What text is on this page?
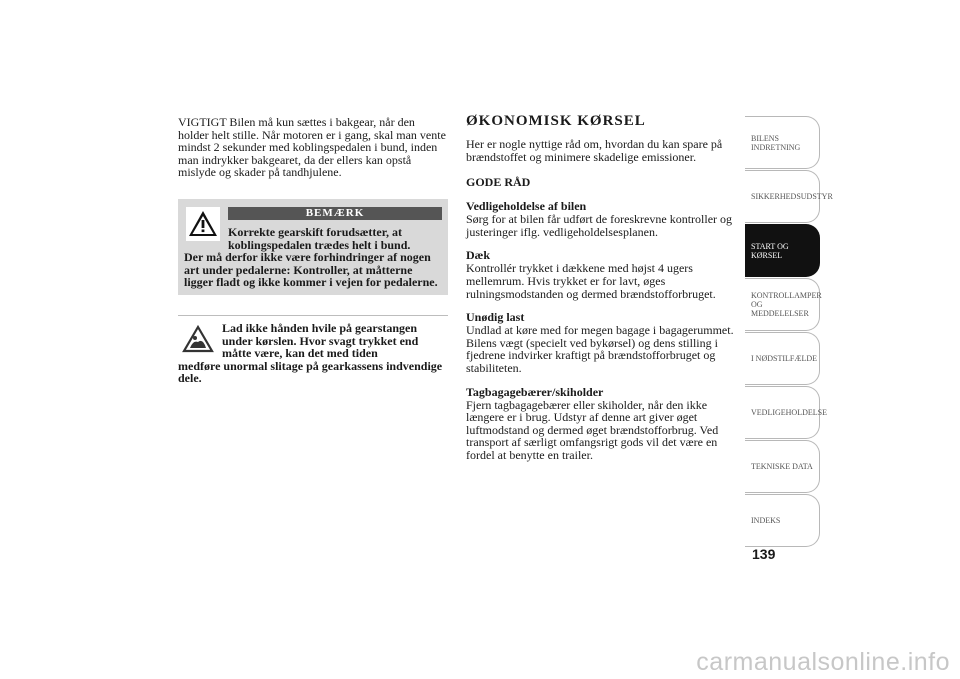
VIGTIGT Bilen må kun sættes i bakgear, når den holder helt stille. Når motoren er i gang, skal man vente mindst 2 sekunder med koblingspedalen i bund, inden man indrykker bakgearet, da der ellers kan opstå mislyde og skader på tandhjulene.

BEMÆRK
Korrekte gearskift forudsætter, at koblingspedalen trædes helt i bund.
Der må derfor ikke være forhindringer af nogen art under pedalerne: Kontroller, at måtterne ligger fladt og ikke kommer i vejen for pedalerne.
Lad ikke hånden hvile på gearstangen under kørslen. Hvor svagt trykket end måtte være, kan det med tiden
medføre unormal slitage på gearkassens indvendige dele.
ØKONOMISK KØRSEL

Her er nogle nyttige råd om, hvordan du kan spare på brændstoffet og minimere skadelige emissioner.

GODE RÅD
Vedligeholdelse af bilen

Sørg for at bilen får udført de foreskrevne kontroller og justeringer iflg. vedligeholdelsesplanen.

Dæk

Kontrollér trykket i dækkene med højst 4 ugers mellemrum. Hvis trykket er for lavt, øges rulningsmodstanden og dermed brændstofforbruget.

Unødig last

Undlad at køre med for megen bagage i bagagerummet. Bilens vægt (specielt ved bykørsel) og dens stilling i fjedrene indvirker kraftigt på brændstofforbruget og stabiliteten.

Tagbagagebærer/skiholder

Fjern tagbagagebærer eller skiholder, når den ikke længere er i brug. Udstyr af denne art giver øget luftmodstand og dermed øget brændstofforbrug. Ved transport af særligt omfangsrigt gods vil det være en fordel at benytte en trailer.

BILENS INDRETNING
SIKKERHEDSUDSTYR
START OG KØRSEL
KONTROLLAMPER OG MEDDELELSER
I NØDSTILFÆLDE
VEDLIGEHOLDELSE
TEKNISKE DATA
INDEKS
139
carmanualsonline.info
